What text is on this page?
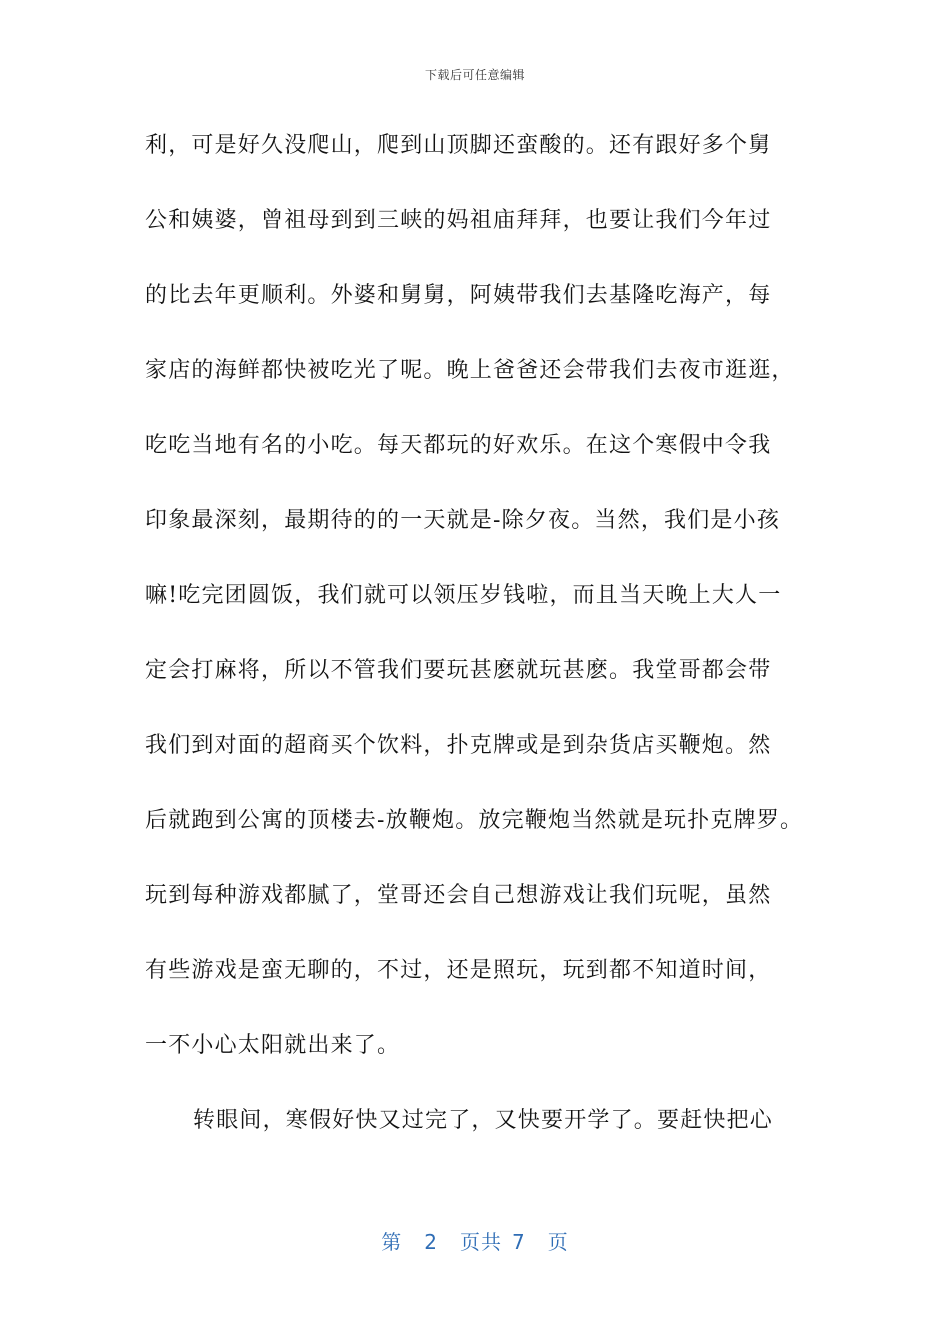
下载后可任意编辑
利，可是好久没爬山，爬到山顶脚还蛮酸的。还有跟好多个舅
公和姨婆，曾祖母到到三峡的妈祖庙拜拜，也要让我们今年过
的比去年更顺利。外婆和舅舅，阿姨带我们去基隆吃海产，每
家店的海鲜都快被吃光了呢。晚上爸爸还会带我们去夜市逛逛，
吃吃当地有名的小吃。每天都玩的好欢乐。在这个寒假中令我
印象最深刻，最期待的的一天就是-除夕夜。当然，我们是小孩
嘛!吃完团圆饭，我们就可以领压岁钱啦，而且当天晚上大人一
定会打麻将，所以不管我们要玩甚麽就玩甚麽。我堂哥都会带
我们到对面的超商买个饮料，扑克牌或是到杂货店买鞭炮。然
后就跑到公寓的顶楼去-放鞭炮。放完鞭炮当然就是玩扑克牌罗。
玩到每种游戏都腻了，堂哥还会自己想游戏让我们玩呢，虽然
有些游戏是蛮无聊的，不过，还是照玩，玩到都不知道时间，
一不小心太阳就出来了。
转眼间，寒假好快又过完了，又快要开学了。要赶快把心
第 2 页共 7 页
